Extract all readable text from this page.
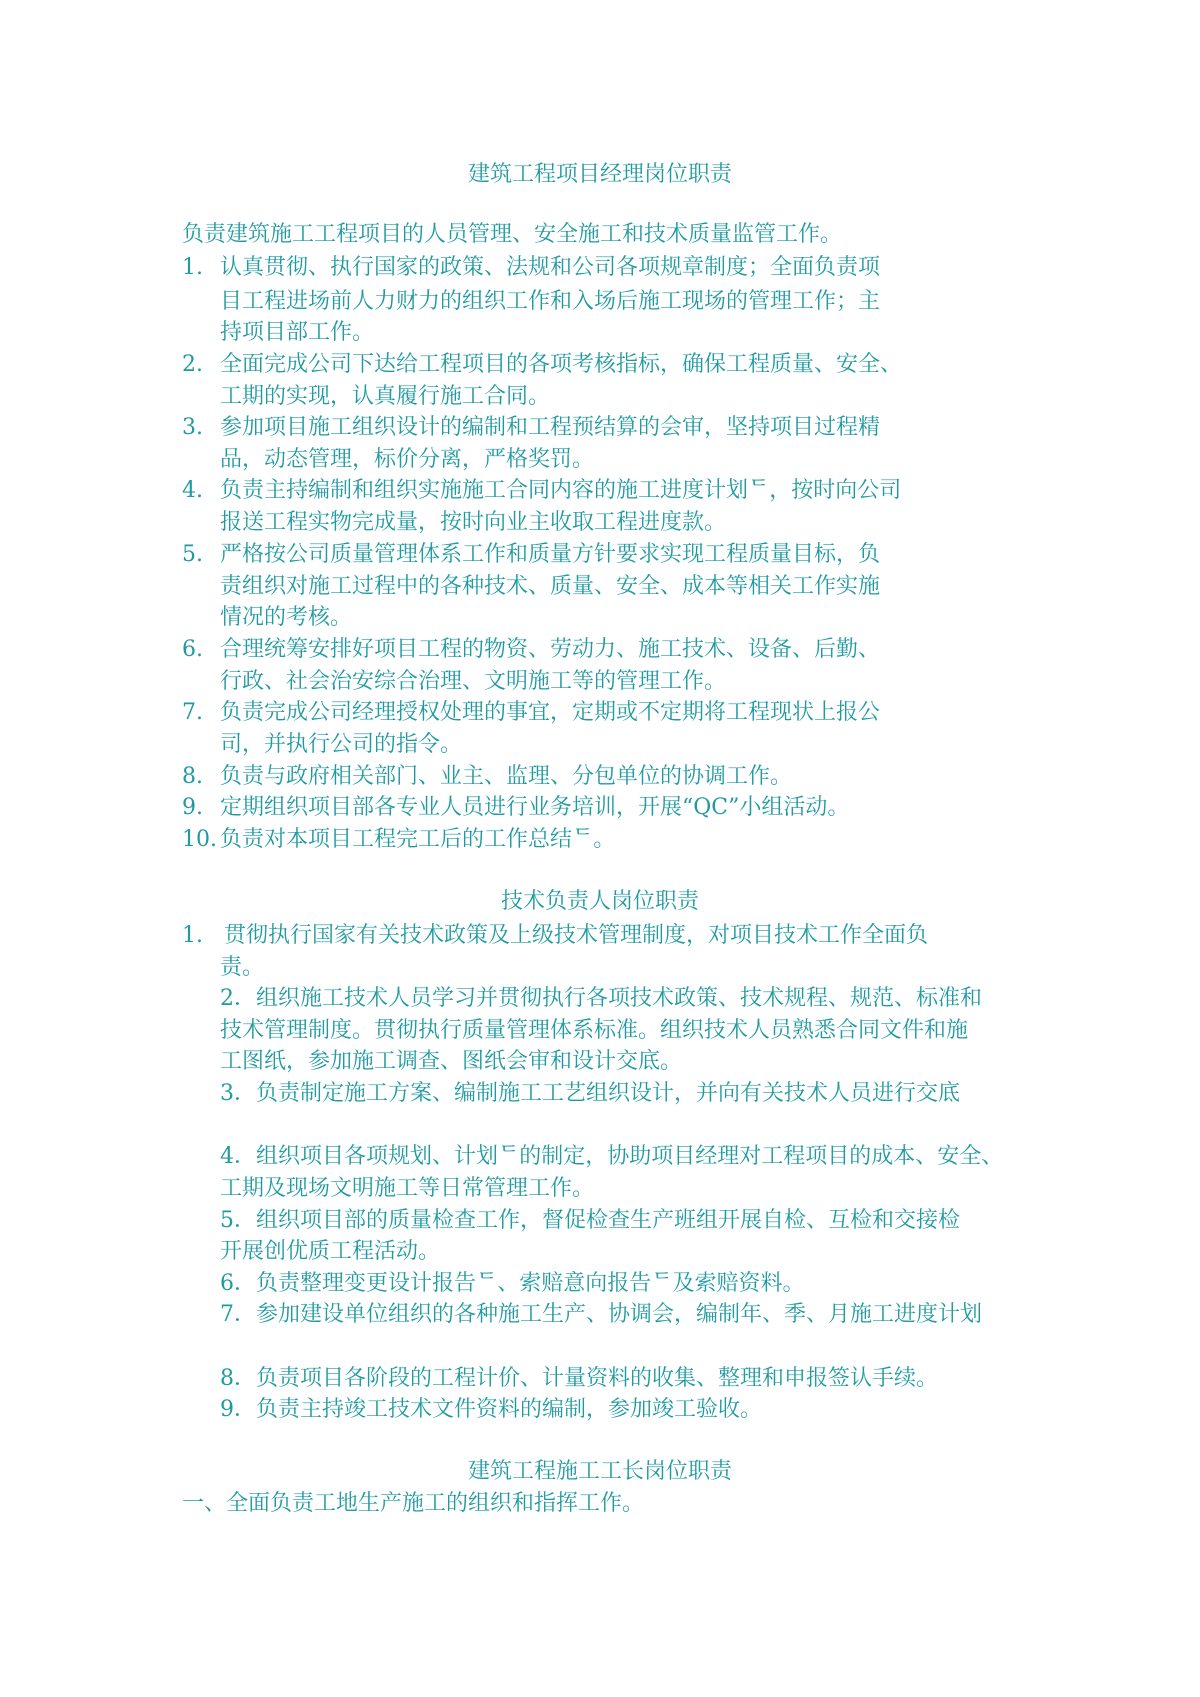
建筑工程项目经理岗位职责
负责建筑施工工程项目的人员管理、安全施工和技术质量监管工作。
1. 认真贯彻、执行国家的政策、法规和公司各项规章制度；全面负责项
目工程进场前人力财力的组织工作和入场后施工现场的管理工作；主
持项目部工作。
2. 全面完成公司下达给工程项目的各项考核指标，确保工程质量、安全、
工期的实现，认真履行施工合同。
3. 参加项目施工组织设计的编制和工程预结算的会审，坚持项目过程精
品，动态管理，标价分离，严格奖罚。
4. 负责主持编制和组织实施施工合同内容的施工进度计划ᄃ，按时向公司
报送工程实物完成量，按时向业主收取工程进度款。
5. 严格按公司质量管理体系工作和质量方针要求实现工程质量目标，负
责组织对施工过程中的各种技术、质量、安全、成本等相关工作实施
情况的考核。
6. 合理统筹安排好项目工程的物资、劳动力、施工技术、设备、后勤、
行政、社会治安综合治理、文明施工等的管理工作。
7. 负责完成公司经理授权处理的事宜，定期或不定期将工程现状上报公
司，并执行公司的指令。
8. 负责与政府相关部门、业主、监理、分包单位的协调工作。
9. 定期组织项目部各专业人员进行业务培训，开展“QC”小组活动。
10. 负责对本项目工程完工后的工作总结ᄃ。
技术负责人岗位职责
1. 贯彻执行国家有关技术政策及上级技术管理制度，对项目技术工作全面负
责。
2．组织施工技术人员学习并贯彻执行各项技术政策、技术规程、规范、标准和
技术管理制度。贯彻执行质量管理体系标准。组织技术人员熟悉合同文件和施
工图纸，参加施工调查、图纸会审和设计交底。
3．负责制定施工方案、编制施工工艺组织设计，并向有关技术人员进行交底
4．组织项目各项规划、计划ᄃ的制定，协助项目经理对工程项目的成本、安全、
工期及现场文明施工等日常管理工作。
5．组织项目部的质量检查工作，督促检查生产班组开展自检、互检和交接检
开展创优质工程活动。
6．负责整理变更设计报告ᄃ、索赔意向报告ᄃ及索赔资料。
7．参加建设单位组织的各种施工生产、协调会，编制年、季、月施工进度计划
8．负责项目各阶段的工程计价、计量资料的收集、整理和申报签认手续。
9．负责主持竣工技术文件资料的编制，参加竣工验收。
建筑工程施工工长岗位职责
一、全面负责工地生产施工的组织和指挥工作。
